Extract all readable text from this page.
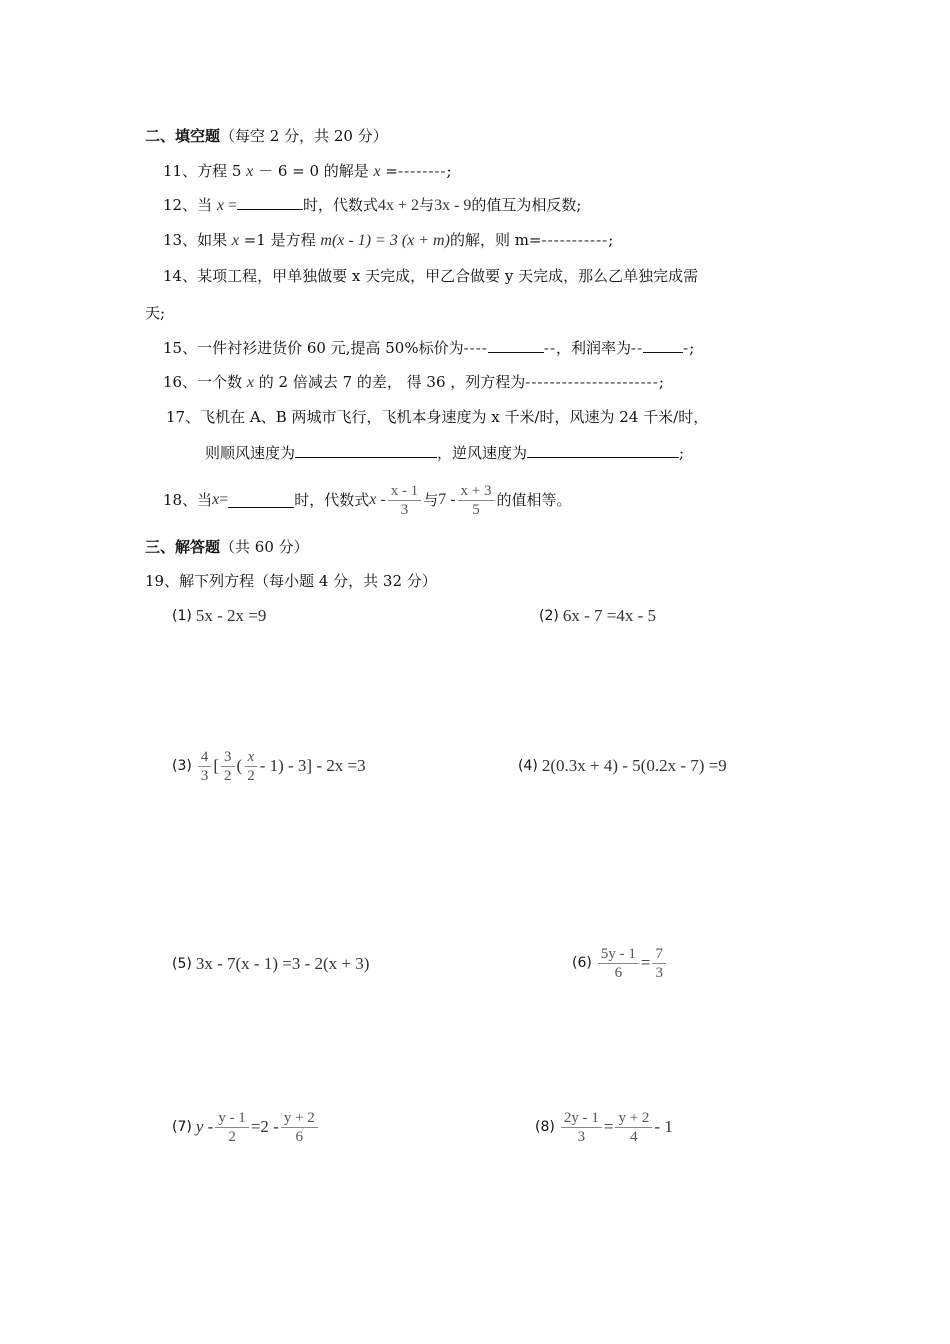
二、填空题（每空 2 分，共 20 分）
11、方程 5 x － 6 = 0 的解是 x =--------;
12、当 x =	时，代数式4x + 2与3x - 9的值互为相反数;
13、如果 x =1 是方程 m(x - 1) = 3 (x + m)的解，则 m=-----------;
14、某项工程，甲单独做要 x 天完成，甲乙合做要 y 天完成，那么乙单独完成需
天;
15、一件衬衫进货价 60 元,提高 50%标价为----	--，利润率为--	-;
16、一个数 x 的 2 倍减去 7 的差， 得 36 ，列方程为----------------------;
17、飞机在 A、B 两城市飞行，飞机本身速度为 x 千米/时，风速为 24 千米/时，
则顺风速度为	，逆风速度为	;
18、当 x =	时，代数式 x - $\frac{x - 1}{3}$ 与 $7 - \frac{x + 3}{5}$ 的值相等。
三、解答题（共 60 分）
19、解下列方程（每小题 4 分，共 32 分）
(1) 5x - 2x =9	(2) 6x - 7 =4x - 5
$(3) \frac{4}{3}$ [ $\frac{3}{2}$ ( $\frac{x}{2} - 1) - 3] - 2x =3$	(4) 2(0.3x + 4) - 5(0.2x - 7) =9
(5) 3x - 7(x - 1) =3 - 2(x + 3)	$(6) \frac{5y - 1}{6} = \frac{7}{3}$
(7) $y - \frac{y - 1}{2} =2 - \frac{y + 2}{6}$	$(8) \frac{2y - 1}{3} = \frac{y + 2}{4} - 1$
